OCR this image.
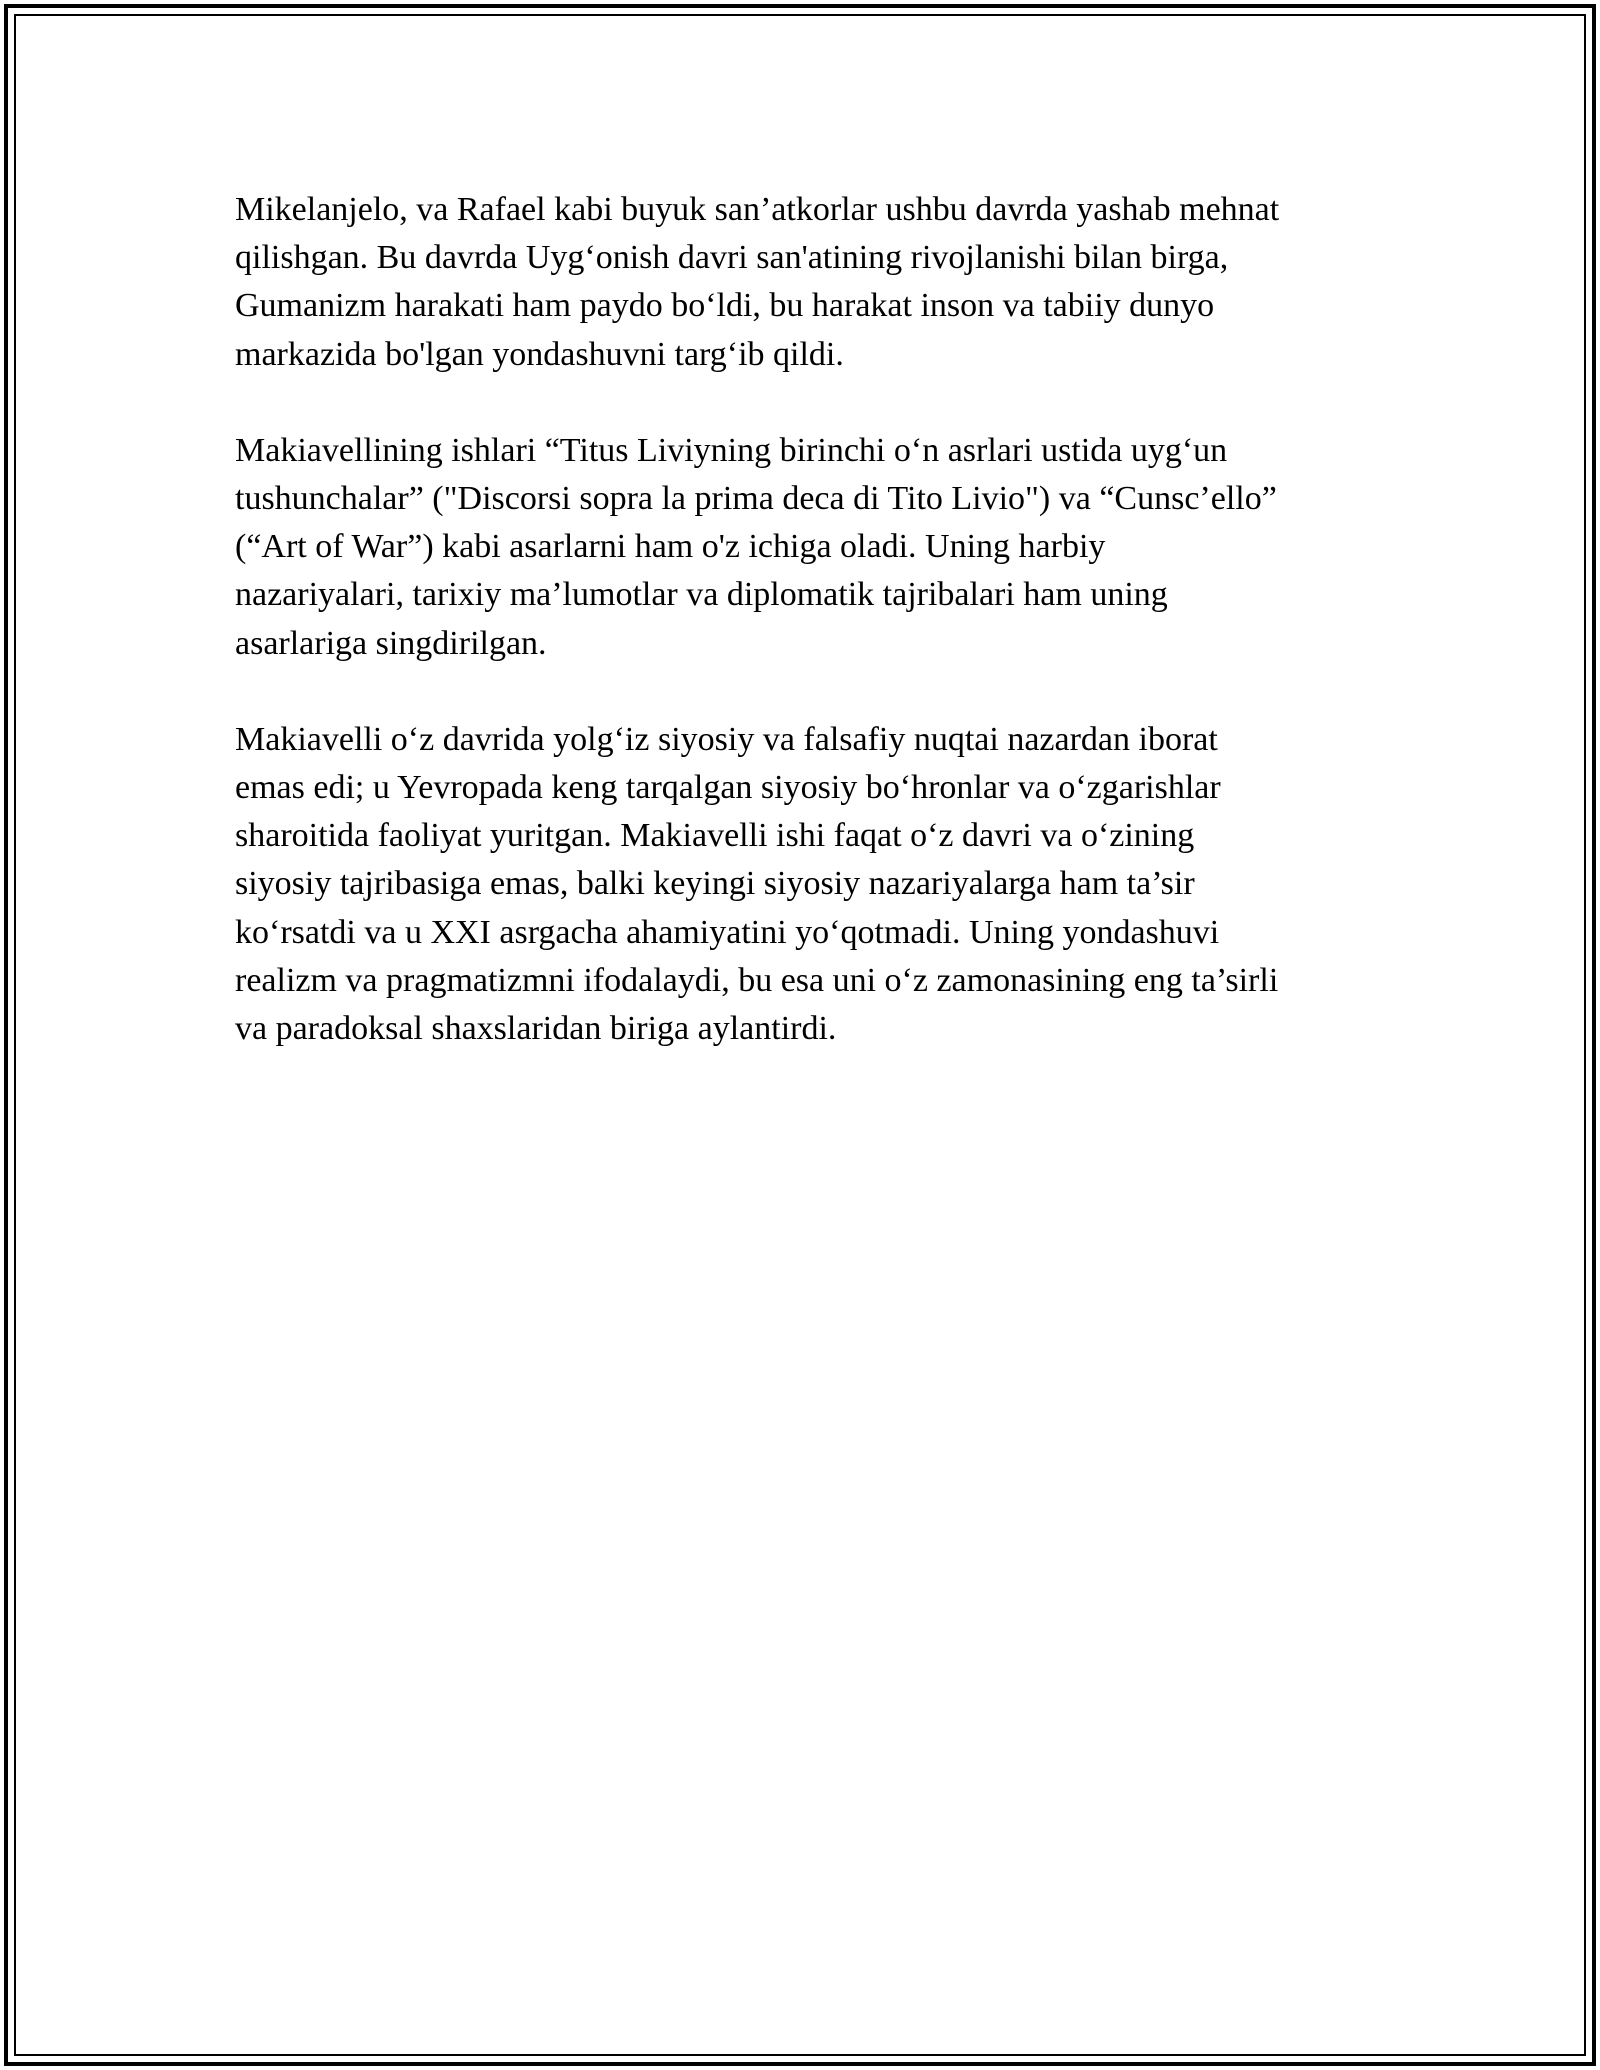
Mikelanjelo, va Rafael kabi buyuk san’atkorlar ushbu davrda yashab mehnat
qilishgan. Bu davrda Uygʻonish davri san'atining rivojlanishi bilan birga,
Gumanizm harakati ham paydo boʻldi, bu harakat inson va tabiiy dunyo
markazida bo'lgan yondashuvni targʻib qildi.

Makiavellining ishlari “Titus Liviyning birinchi oʻn asrlari ustida uygʻun
tushunchalar” ("Discorsi sopra la prima deca di Tito Livio") va “Cunsc’ello”
(“Art of War”) kabi asarlarni ham o'z ichiga oladi. Uning harbiy
nazariyalari, tarixiy ma’lumotlar va diplomatik tajribalari ham uning
asarlariga singdirilgan.

Makiavelli oʻz davrida yolgʻiz siyosiy va falsafiy nuqtai nazardan iborat
emas edi; u Yevropada keng tarqalgan siyosiy boʻhronlar va oʻzgarishlar
sharoitida faoliyat yuritgan. Makiavelli ishi faqat oʻz davri va oʻzining
siyosiy tajribasiga emas, balki keyingi siyosiy nazariyalarga ham ta’sir
koʻrsatdi va u XXI asrgacha ahamiyatini yoʻqotmadi. Uning yondashuvi
realizm va pragmatizmni ifodalaydi, bu esa uni oʻz zamonasining eng ta’sirli
va paradoksal shaxslaridan biriga aylantirdi.
